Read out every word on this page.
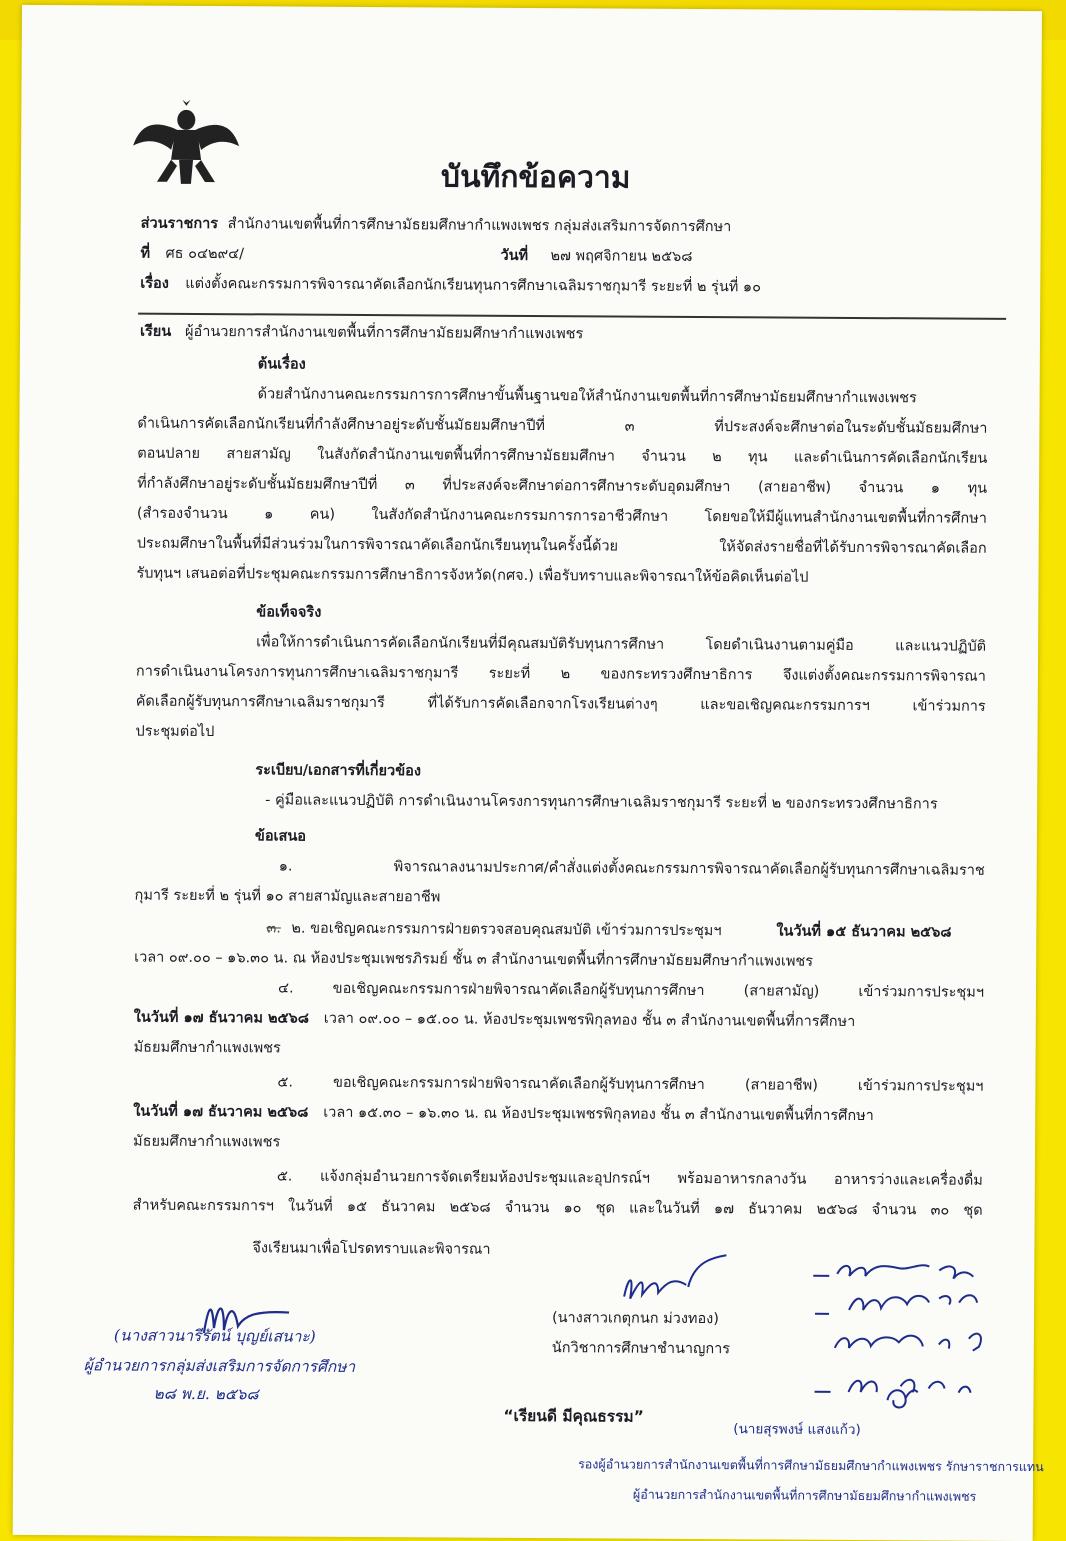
บันทึกข้อความ
ส่วนราชการ สำนักงานเขตพื้นที่การศึกษามัธยมศึกษากำแพงเพชร กลุ่มส่งเสริมการจัดการศึกษา
ที่ ศธ ๐๔๒๙๔/	วันที่ ๒๗ พฤศจิกายน ๒๕๖๘
เรื่อง แต่งตั้งคณะกรรมการพิจารณาคัดเลือกนักเรียนทุนการศึกษาเฉลิมราชกุมารี ระยะที่ ๒ รุ่นที่ ๑๐
เรียน ผู้อำนวยการสำนักงานเขตพื้นที่การศึกษามัธยมศึกษากำแพงเพชร
ต้นเรื่อง
ด้วยสำนักงานคณะกรรมการการศึกษาขั้นพื้นฐานขอให้สำนักงานเขตพื้นที่การศึกษามัธยมศึกษากำแพงเพชร
ดำเนินการคัดเลือกนักเรียนที่กำลังศึกษาอยู่ระดับชั้นมัธยมศึกษาปีที่ ๓ ที่ประสงค์จะศึกษาต่อในระดับชั้นมัธยมศึกษา
ตอนปลาย สายสามัญ ในสังกัดสำนักงานเขตพื้นที่การศึกษามัธยมศึกษา จำนวน ๒ ทุน และดำเนินการคัดเลือกนักเรียน
ที่กำลังศึกษาอยู่ระดับชั้นมัธยมศึกษาปีที่ ๓ ที่ประสงค์จะศึกษาต่อการศึกษาระดับอุดมศึกษา (สายอาชีพ) จำนวน ๑ ทุน
(สำรองจำนวน ๑ คน) ในสังกัดสำนักงานคณะกรรมการการอาชีวศึกษา โดยขอให้มีผู้แทนสำนักงานเขตพื้นที่การศึกษา
ประถมศึกษาในพื้นที่มีส่วนร่วมในการพิจารณาคัดเลือกนักเรียนทุนในครั้งนี้ด้วย ให้จัดส่งรายชื่อที่ได้รับการพิจารณาคัดเลือก
รับทุนฯ เสนอต่อที่ประชุมคณะกรรมการศึกษาธิการจังหวัด(กศจ.) เพื่อรับทราบและพิจารณาให้ข้อคิดเห็นต่อไป
ข้อเท็จจริง
เพื่อให้การดำเนินการคัดเลือกนักเรียนที่มีคุณสมบัติรับทุนการศึกษา โดยดำเนินงานตามคู่มือ และแนวปฏิบัติ
การดำเนินงานโครงการทุนการศึกษาเฉลิมราชกุมารี ระยะที่ ๒ ของกระทรวงศึกษาธิการ จึงแต่งตั้งคณะกรรมการพิจารณา
คัดเลือกผู้รับทุนการศึกษาเฉลิมราชกุมารี ที่ได้รับการคัดเลือกจากโรงเรียนต่างๆ และขอเชิญคณะกรรมการฯ เข้าร่วมการ
ประชุมต่อไป
ระเบียบ/เอกสารที่เกี่ยวข้อง
- คู่มือและแนวปฏิบัติ การดำเนินงานโครงการทุนการศึกษาเฉลิมราชกุมารี ระยะที่ ๒ ของกระทรวงศึกษาธิการ
ข้อเสนอ
๑. พิจารณาลงนามประกาศ/คำสั่งแต่งตั้งคณะกรรมการพิจารณาคัดเลือกผู้รับทุนการศึกษาเฉลิมราช
กุมารี ระยะที่ ๒ รุ่นที่ ๑๐ สายสามัญและสายอาชีพ
๓. ๒. ขอเชิญคณะกรรมการฝ่ายตรวจสอบคุณสมบัติ เข้าร่วมการประชุมฯ	ในวันที่ ๑๕ ธันวาคม ๒๕๖๘
เวลา ๐๙.๐๐ – ๑๖.๓๐ น. ณ ห้องประชุมเพชรภิรมย์ ชั้น ๓ สำนักงานเขตพื้นที่การศึกษามัธยมศึกษากำแพงเพชร
๔. ขอเชิญคณะกรรมการฝ่ายพิจารณาคัดเลือกผู้รับทุนการศึกษา (สายสามัญ) เข้าร่วมการประชุมฯ
ในวันที่ ๑๗ ธันวาคม ๒๕๖๘ เวลา ๐๙.๐๐ – ๑๕.๐๐ น. ห้องประชุมเพชรพิกุลทอง ชั้น ๓ สำนักงานเขตพื้นที่การศึกษา
มัธยมศึกษากำแพงเพชร
๕. ขอเชิญคณะกรรมการฝ่ายพิจารณาคัดเลือกผู้รับทุนการศึกษา (สายอาชีพ) เข้าร่วมการประชุมฯ
ในวันที่ ๑๗ ธันวาคม ๒๕๖๘ เวลา ๑๕.๓๐ – ๑๖.๓๐ น. ณ ห้องประชุมเพชรพิกุลทอง ชั้น ๓ สำนักงานเขตพื้นที่การศึกษา
มัธยมศึกษากำแพงเพชร
๕. แจ้งกลุ่มอำนวยการจัดเตรียมห้องประชุมและอุปกรณ์ฯ พร้อมอาหารกลางวัน อาหารว่างและเครื่องดื่ม
สำหรับคณะกรรมการฯ ในวันที่ ๑๕ ธันวาคม ๒๕๖๘ จำนวน ๑๐ ชุด และในวันที่ ๑๗ ธันวาคม ๒๕๖๘ จำนวน ๓๐ ชุด
จึงเรียนมาเพื่อโปรดทราบและพิจารณา
(นางสาวนารีรัตน์ บุญย์เสนาะ)
ผู้อำนวยการกลุ่มส่งเสริมการจัดการศึกษา
๒๘ พ.ย. ๒๕๖๘
(นางสาวเกตุกนก ม่วงทอง)
นักวิชาการศึกษาชำนาญการ
“เรียนดี มีคุณธรรม”
(นายสุรพงษ์ แสงแก้ว)
รองผู้อำนวยการสำนักงานเขตพื้นที่การศึกษามัธยมศึกษากำแพงเพชร รักษาราชการแทน
ผู้อำนวยการสำนักงานเขตพื้นที่การศึกษามัธยมศึกษากำแพงเพชร
